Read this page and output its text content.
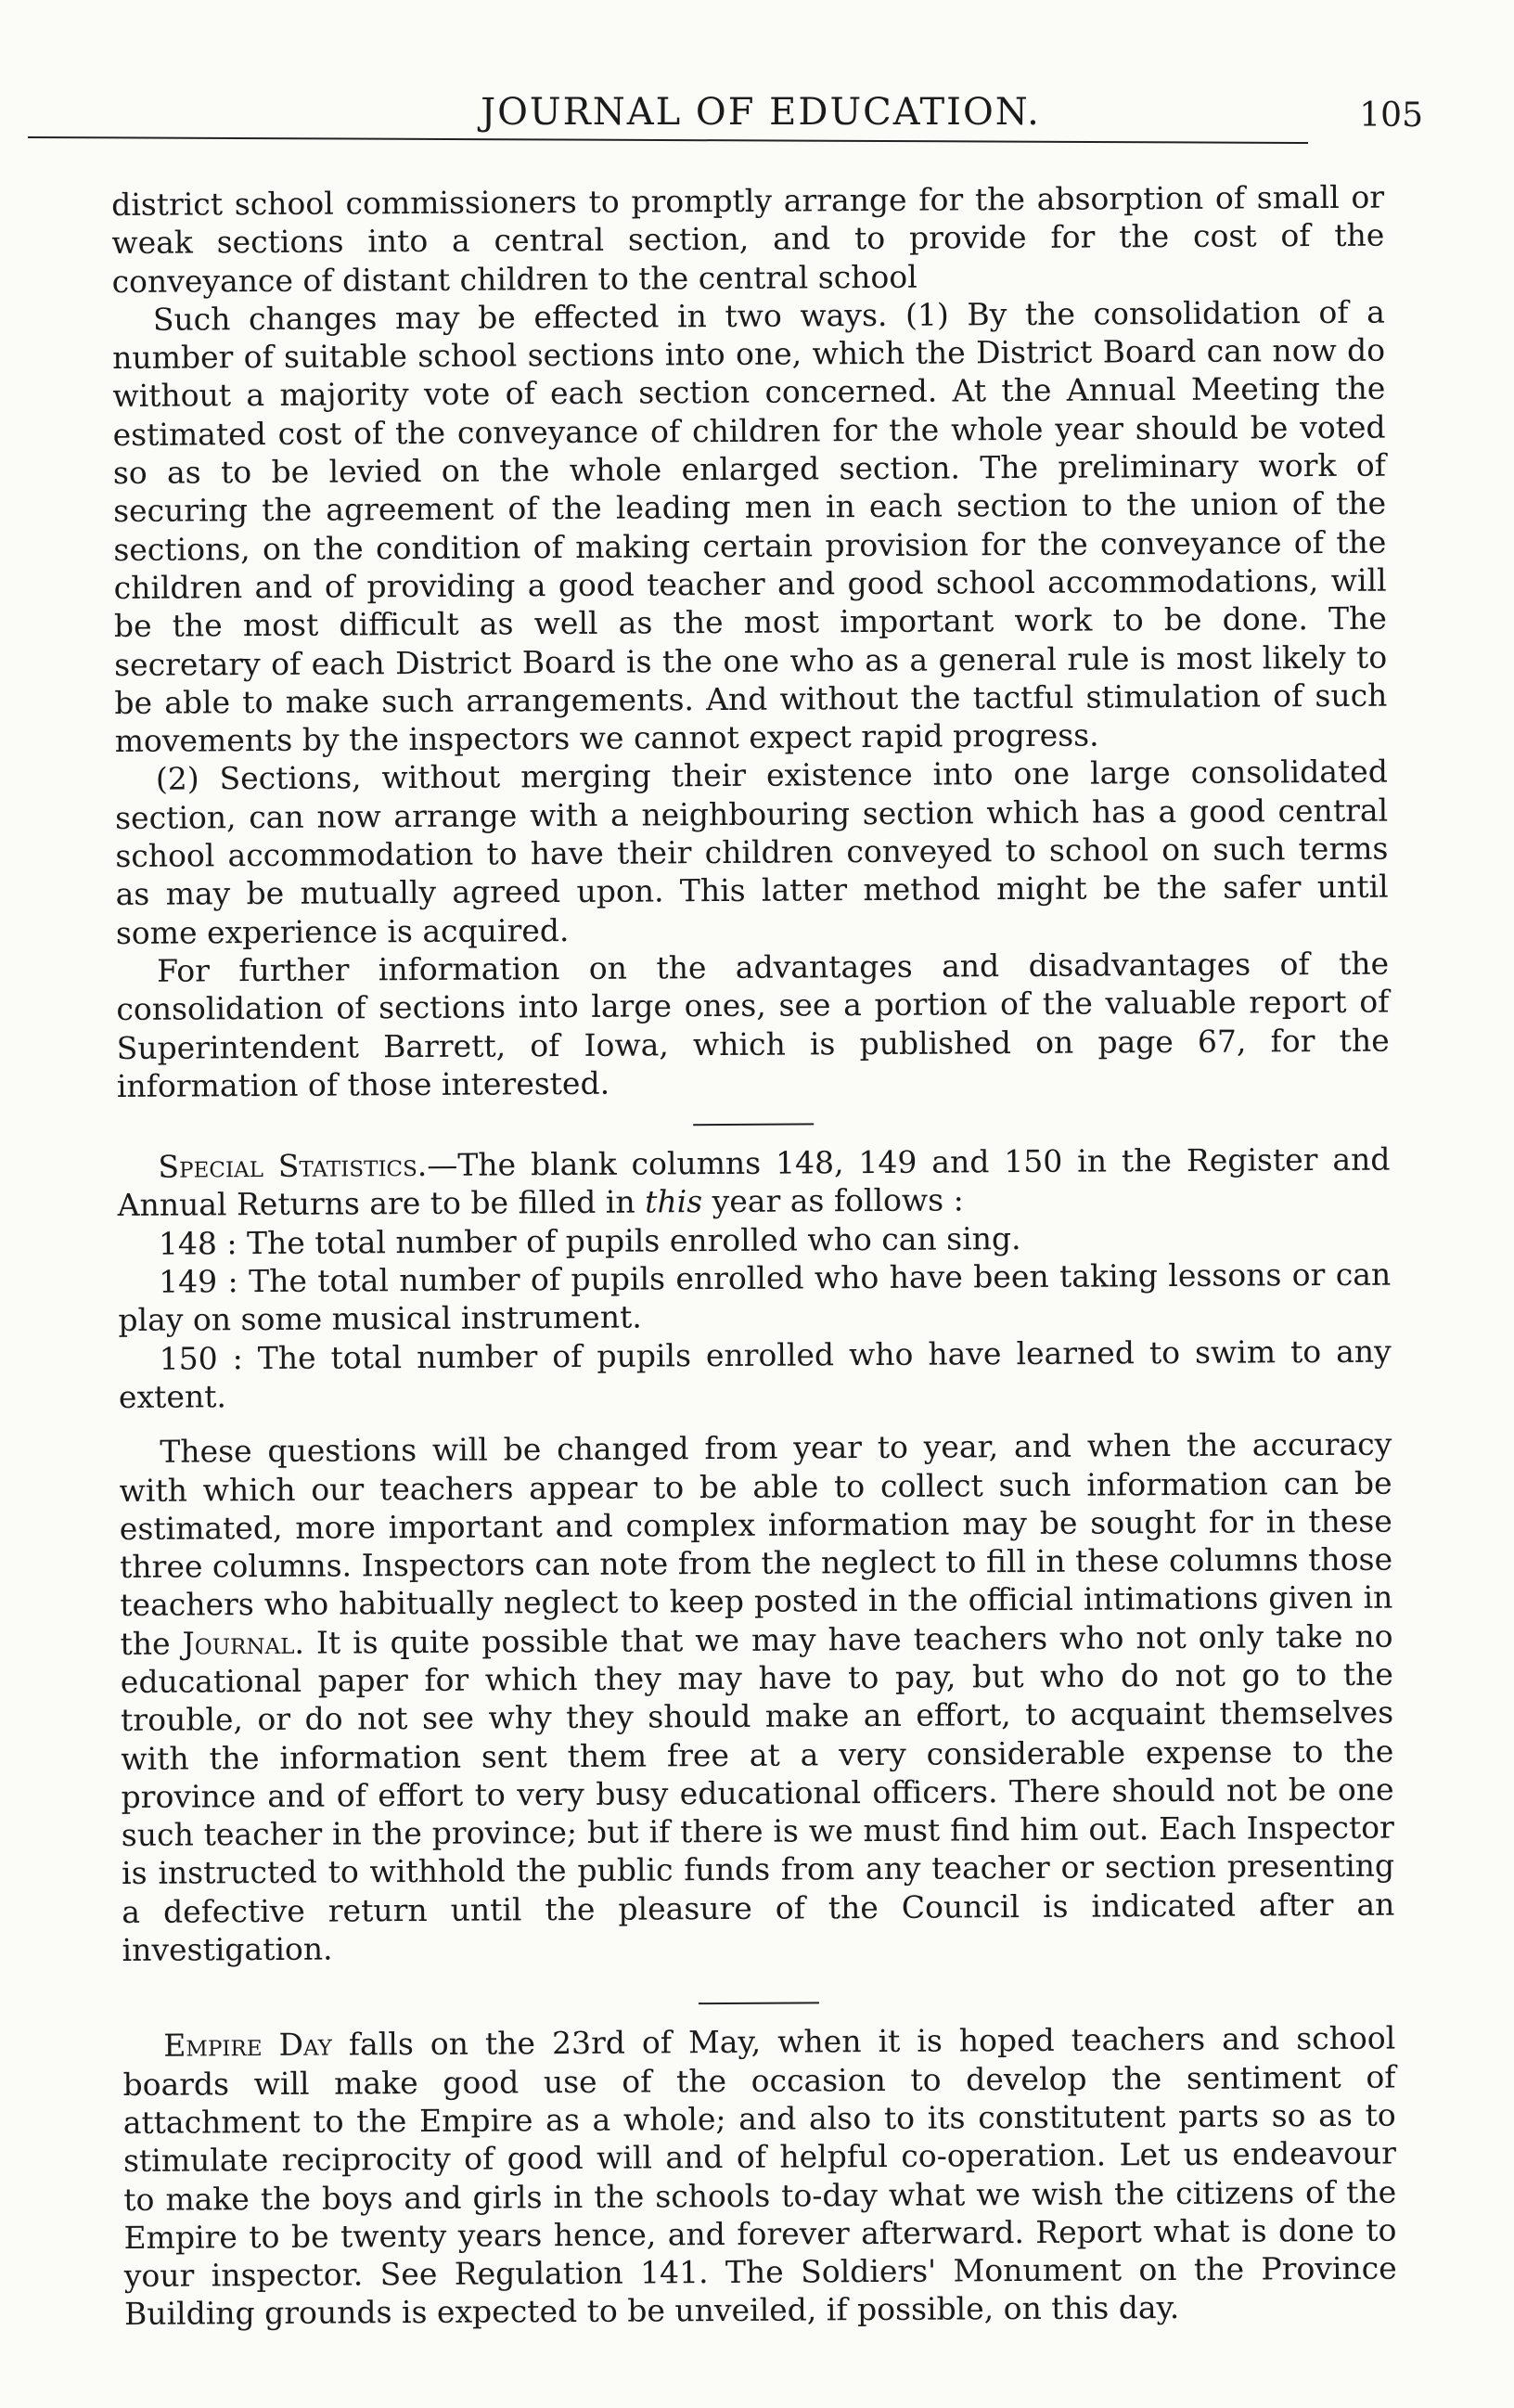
JOURNAL OF EDUCATION.	105

district school commissioners to promptly arrange for the absorption of small or weak sections into a central section, and to provide for the cost of the conveyance of distant children to the central school

Such changes may be effected in two ways. (1) By the consolidation of a number of suitable school sections into one, which the District Board can now do without a majority vote of each section concerned. At the Annual Meeting the estimated cost of the conveyance of children for the whole year should be voted so as to be levied on the whole enlarged section. The preliminary work of securing the agreement of the leading men in each section to the union of the sections, on the condition of making certain provision for the conveyance of the children and of providing a good teacher and good school accommodations, will be the most difficult as well as the most important work to be done. The secretary of each District Board is the one who as a general rule is most likely to be able to make such arrangements. And without the tactful stimulation of such movements by the inspectors we cannot expect rapid progress.

(2) Sections, without merging their existence into one large consolidated section, can now arrange with a neighbouring section which has a good central school accommodation to have their children conveyed to school on such terms as may be mutually agreed upon. This latter method might be the safer until some experience is acquired.

For further information on the advantages and disadvantages of the consolidation of sections into large ones, see a portion of the valuable report of Superintendent Barrett, of Iowa, which is published on page 67, for the information of those interested.

Special Statistics.—The blank columns 148, 149 and 150 in the Register and Annual Returns are to be filled in this year as follows :

148 : The total number of pupils enrolled who can sing.

149 : The total number of pupils enrolled who have been taking lessons or can play on some musical instrument.

150 : The total number of pupils enrolled who have learned to swim to any extent.

These questions will be changed from year to year, and when the accuracy with which our teachers appear to be able to collect such information can be estimated, more important and complex information may be sought for in these three columns. Inspectors can note from the neglect to fill in these columns those teachers who habitually neglect to keep posted in the official intimations given in the Journal. It is quite possible that we may have teachers who not only take no educational paper for which they may have to pay, but who do not go to the trouble, or do not see why they should make an effort, to acquaint themselves with the information sent them free at a very considerable expense to the province and of effort to very busy educational officers. There should not be one such teacher in the province; but if there is we must find him out. Each Inspector is instructed to withhold the public funds from any teacher or section presenting a defective return until the pleasure of the Council is indicated after an investigation.

Empire Day falls on the 23rd of May, when it is hoped teachers and school boards will make good use of the occasion to develop the sentiment of attachment to the Empire as a whole; and also to its constitutent parts so as to stimulate reciprocity of good will and of helpful co-operation. Let us endeavour to make the boys and girls in the schools to-day what we wish the citizens of the Empire to be twenty years hence, and forever afterward. Report what is done to your inspector. See Regulation 141. The Soldiers' Monument on the Province Building grounds is expected to be unveiled, if possible, on this day.
